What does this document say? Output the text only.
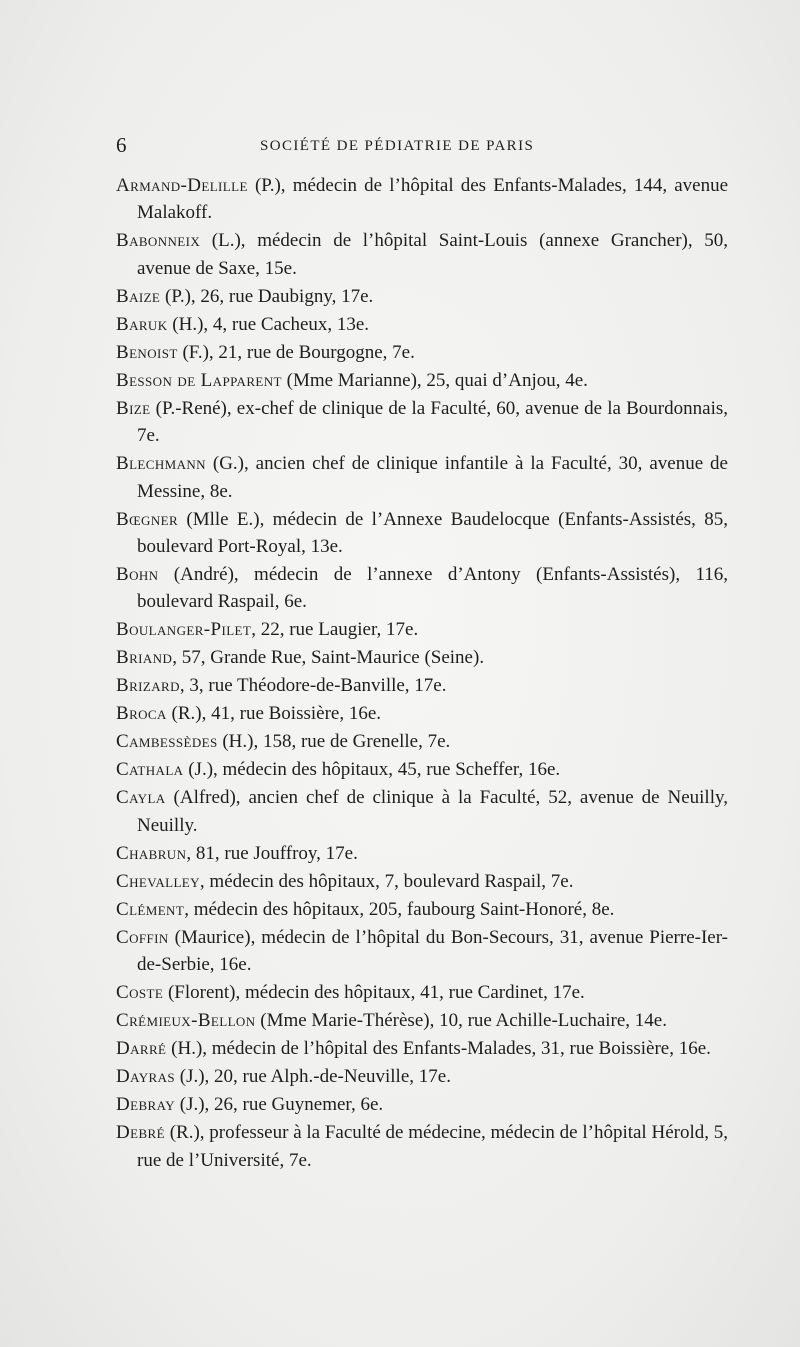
6	SOCIÉTÉ DE PÉDIATRIE DE PARIS

Armand-Delille (P.), médecin de l’hôpital des Enfants-Malades, 144, avenue Malakoff.

Babonneix (L.), médecin de l’hôpital Saint-Louis (annexe Grancher), 50, avenue de Saxe, 15e.

Baize (P.), 26, rue Daubigny, 17e.

Baruk (H.), 4, rue Cacheux, 13e.

Benoist (F.), 21, rue de Bourgogne, 7e.

Besson de Lapparent (Mme Marianne), 25, quai d’Anjou, 4e.

Bize (P.-René), ex-chef de clinique de la Faculté, 60, avenue de la Bourdonnais, 7e.

Blechmann (G.), ancien chef de clinique infantile à la Faculté, 30, avenue de Messine, 8e.

Bœgner (Mlle E.), médecin de l’Annexe Baudelocque (Enfants-Assistés, 85, boulevard Port-Royal, 13e.

Bohn (André), médecin de l’annexe d’Antony (Enfants-Assistés), 116, boulevard Raspail, 6e.

Boulanger-Pilet, 22, rue Laugier, 17e.

Briand, 57, Grande Rue, Saint-Maurice (Seine).

Brizard, 3, rue Théodore-de-Banville, 17e.

Broca (R.), 41, rue Boissière, 16e.

Cambessèdes (H.), 158, rue de Grenelle, 7e.

Cathala (J.), médecin des hôpitaux, 45, rue Scheffer, 16e.

Cayla (Alfred), ancien chef de clinique à la Faculté, 52, avenue de Neuilly, Neuilly.

Chabrun, 81, rue Jouffroy, 17e.

Chevalley, médecin des hôpitaux, 7, boulevard Raspail, 7e.

Clément, médecin des hôpitaux, 205, faubourg Saint-Honoré, 8e.

Coffin (Maurice), médecin de l’hôpital du Bon-Secours, 31, avenue Pierre-Ier-de-Serbie, 16e.

Coste (Florent), médecin des hôpitaux, 41, rue Cardinet, 17e.

Crémieux-Bellon (Mme Marie-Thérèse), 10, rue Achille-Luchaire, 14e.

Darré (H.), médecin de l’hôpital des Enfants-Malades, 31, rue Boissière, 16e.

Dayras (J.), 20, rue Alph.-de-Neuville, 17e.

Debray (J.), 26, rue Guynemer, 6e.

Debré (R.), professeur à la Faculté de médecine, médecin de l’hôpital Hérold, 5, rue de l’Université, 7e.
